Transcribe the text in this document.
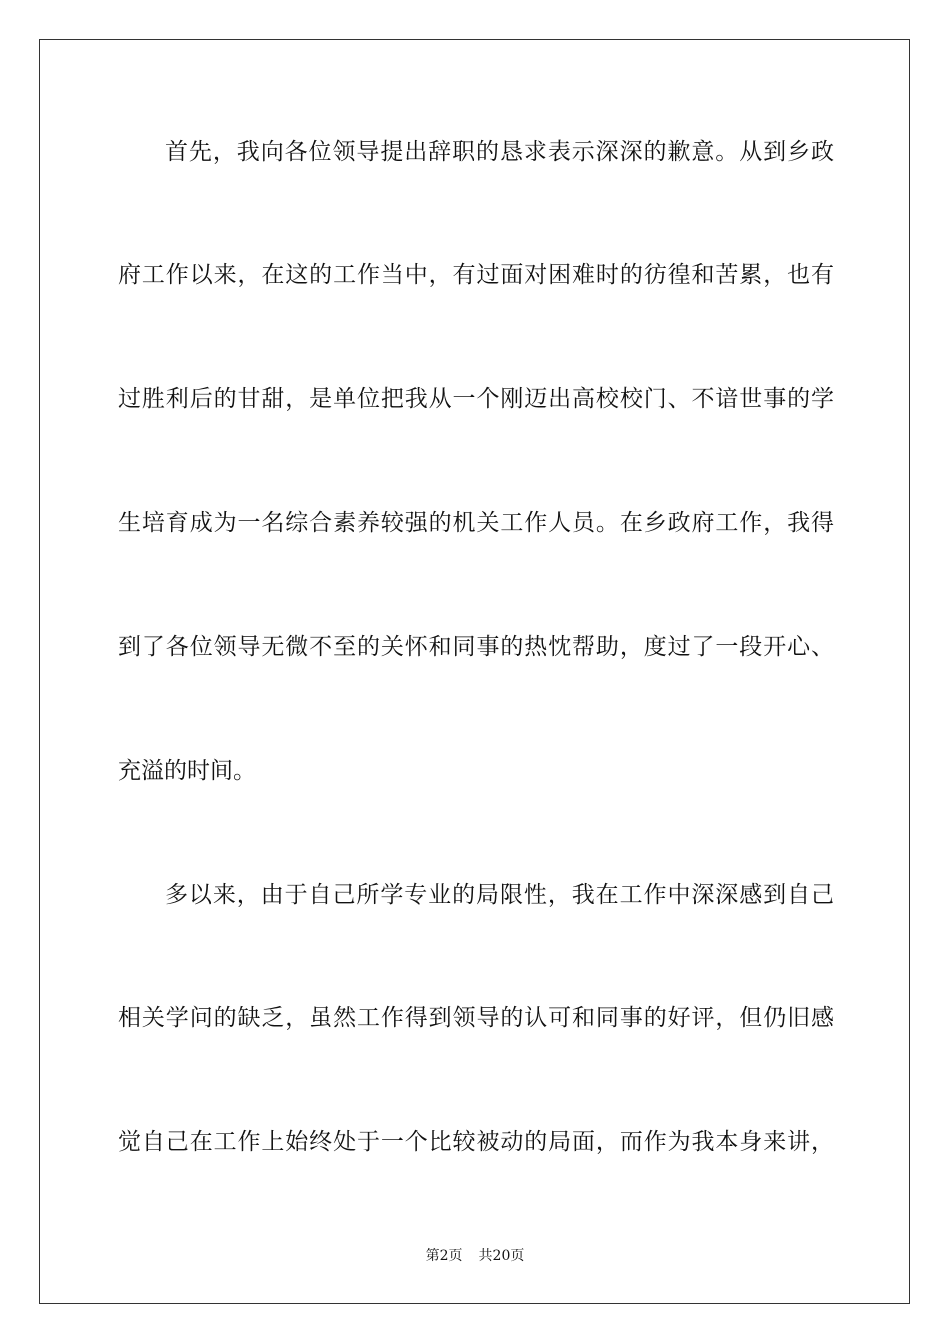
首先，我向各位领导提出辞职的恳求表示深深的歉意。从到乡政
府工作以来，在这的工作当中，有过面对困难时的彷徨和苦累，也有
过胜利后的甘甜，是单位把我从一个刚迈出高校校门、不谙世事的学
生培育成为一名综合素养较强的机关工作人员。在乡政府工作，我得
到了各位领导无微不至的关怀和同事的热忱帮助，度过了一段开心、
充溢的时间。
多以来，由于自己所学专业的局限性，我在工作中深深感到自己
相关学问的缺乏，虽然工作得到领导的认可和同事的好评，但仍旧感
觉自己在工作上始终处于一个比较被动的局面，而作为我本身来讲，
第2页 共20页
